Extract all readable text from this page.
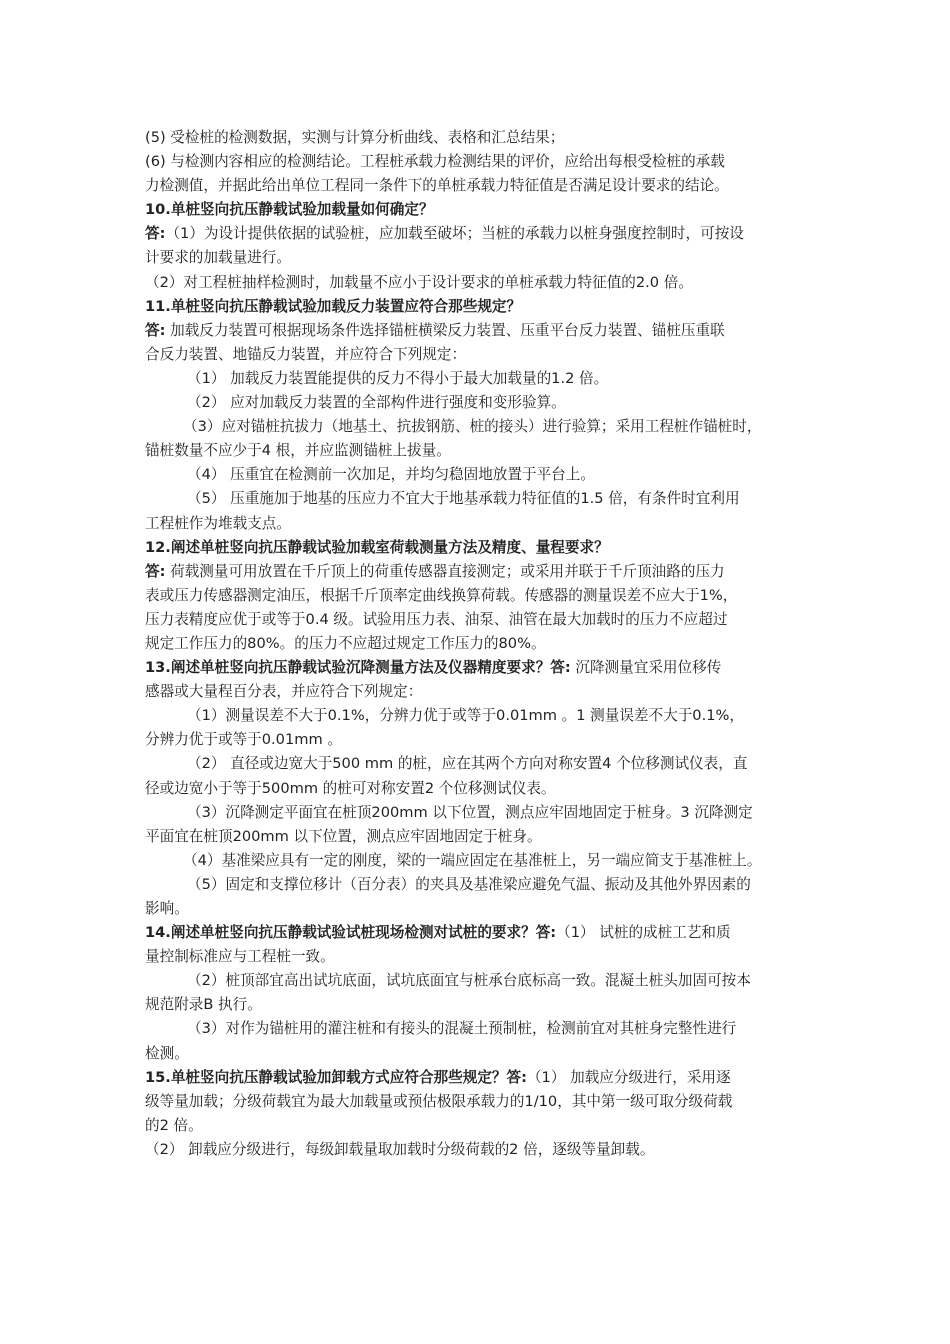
(5) 受检桩的检测数据，实测与计算分析曲线、表格和汇总结果；
(6) 与检测内容相应的检测结论。工程桩承载力检测结果的评价，应给出每根受检桩的承载
力检测值，并据此给出单位工程同一条件下的单桩承载力特征值是否满足设计要求的结论。
10.单桩竖向抗压静载试验加载量如何确定？
答:（1）为设计提供依据的试验桩，应加载至破坏；当桩的承载力以桩身强度控制时，可按设
计要求的加载量进行。
（2）对工程桩抽样检测时，加载量不应小于设计要求的单桩承载力特征值的2.0 倍。
11.单桩竖向抗压静载试验加载反力装置应符合那些规定？
答: 加载反力装置可根据现场条件选择锚桩横梁反力装置、压重平台反力装置、锚桩压重联
合反力装置、地锚反力装置，并应符合下列规定：
（1） 加载反力装置能提供的反力不得小于最大加载量的1.2 倍。
（2） 应对加载反力装置的全部构件进行强度和变形验算。
（3）应对锚桩抗拔力（地基土、抗拔钢筋、桩的接头）进行验算；采用工程桩作锚桩时，
锚桩数量不应少于4 根，并应监测锚桩上拔量。
（4） 压重宜在检测前一次加足，并均匀稳固地放置于平台上。
（5） 压重施加于地基的压应力不宜大于地基承载力特征值的1.5 倍，有条件时宜利用
工程桩作为堆载支点。
12.阐述单桩竖向抗压静载试验加载室荷载测量方法及精度、量程要求？
答: 荷载测量可用放置在千斤顶上的荷重传感器直接测定；或采用并联于千斤顶油路的压力
表或压力传感器测定油压，根据千斤顶率定曲线换算荷载。传感器的测量误差不应大于1%，
压力表精度应优于或等于0.4 级。试验用压力表、油泵、油管在最大加载时的压力不应超过
规定工作压力的80%。的压力不应超过规定工作压力的80%。
13.阐述单桩竖向抗压静载试验沉降测量方法及仪器精度要求？答: 沉降测量宜采用位移传
感器或大量程百分表，并应符合下列规定：
（1）测量误差不大于0.1%，分辨力优于或等于0.01mm 。1 测量误差不大于0.1%，
分辨力优于或等于0.01mm 。
（2） 直径或边宽大于500 mm 的桩，应在其两个方向对称安置4 个位移测试仪表，直
径或边宽小于等于500mm 的桩可对称安置2 个位移测试仪表。
（3）沉降测定平面宜在桩顶200mm 以下位置，测点应牢固地固定于桩身。3 沉降测定
平面宜在桩顶200mm 以下位置，测点应牢固地固定于桩身。
（4）基准梁应具有一定的刚度，梁的一端应固定在基准桩上，另一端应简支于基准桩上。
（5）固定和支撑位移计（百分表）的夹具及基准梁应避免气温、振动及其他外界因素的
影响。
14.阐述单桩竖向抗压静载试验试桩现场检测对试桩的要求？答:（1） 试桩的成桩工艺和质
量控制标准应与工程桩一致。
（2）桩顶部宜高出试坑底面，试坑底面宜与桩承台底标高一致。混凝土桩头加固可按本
规范附录B 执行。
（3）对作为锚桩用的灌注桩和有接头的混凝土预制桩，检测前宜对其桩身完整性进行
检测。
15.单桩竖向抗压静载试验加卸载方式应符合那些规定？答:（1） 加载应分级进行，采用逐
级等量加载；分级荷载宜为最大加载量或预估极限承载力的1/10，其中第一级可取分级荷载
的2 倍。
（2） 卸载应分级进行，每级卸载量取加载时分级荷载的2 倍，逐级等量卸载。
